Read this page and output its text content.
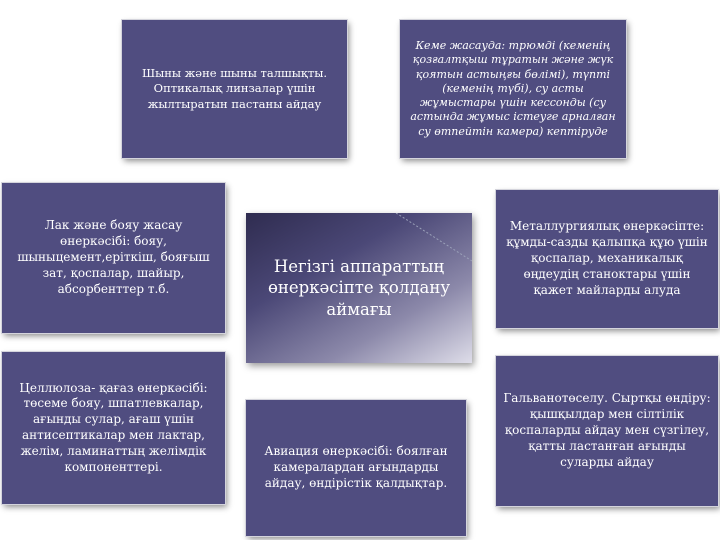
Шыны және шыны талшықты. Оптикалық линзалар үшін жылтыратын пастаны айдау
Кеме жасауда: трюмді (кеменің қозғалтқыш тұратын және жүк қоятын астыңғы бөлімі), түпті (кеменің түбі), су асты жұмыстары үшін кессонды (су астында жұмыс істеуге арналған су өтпейтін камера) кептіруде
Лак және бояу жасау өнеркәсібі: бояу, шыныцемент,еріткіш, бояғыш зат, қоспалар, шайыр, абсорбенттер т.б.
Негізгі аппараттың өнеркәсіпте қолдану аймағы
Металлургиялық өнеркәсіпте: құмды-сазды қалыпқа құю үшін қоспалар, механикалық өңдеудің станоктары үшін қажет майларды алуда
Целлюлоза- қағаз өнеркәсібі: төсеме бояу, шпатлевкалар, ағынды сулар, ағаш үшін антисептикалар мен лактар, желім, ламинаттың желімдік компоненттері.
Авиация өнеркәсібі: боялған камералардан ағындарды айдау, өндірістік қалдықтар.
Гальванотөселу. Сыртқы өндіру: қышқылдар мен сілтілік қоспаларды айдау мен сүзгілеу, қатты ластанған ағынды суларды айдау
